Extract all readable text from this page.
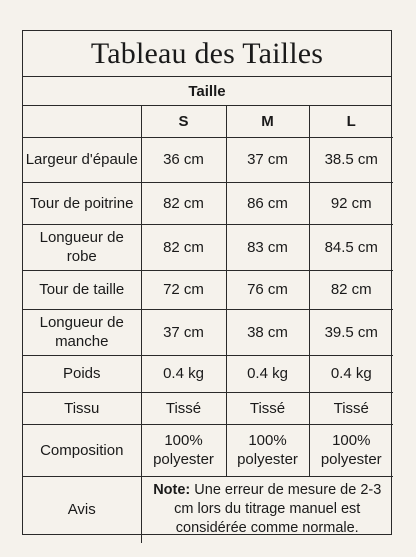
Tableau des Tailles
Taille
	S	M	L
Largeur d'épaule	36 cm	37 cm	38.5 cm
Tour de poitrine	82 cm	86 cm	92 cm
Longueur de robe	82 cm	83 cm	84.5 cm
Tour de taille	72 cm	76 cm	82 cm
Longueur de manche	37 cm	38 cm	39.5 cm
Poids	0.4 kg	0.4 kg	0.4 kg
Tissu	Tissé	Tissé	Tissé
Composition	100% polyester	100% polyester	100% polyester
Avis	Note: Une erreur de mesure de 2-3 cm lors du titrage manuel est considérée comme normale.		
